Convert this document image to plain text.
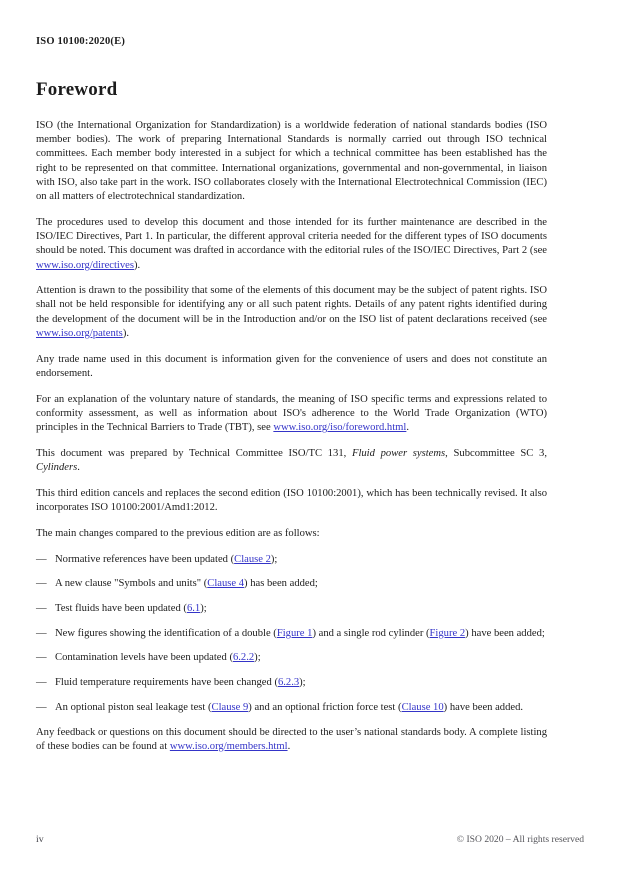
ISO 10100:2020(E)
Foreword

ISO (the International Organization for Standardization) is a worldwide federation of national standards bodies (ISO member bodies). The work of preparing International Standards is normally carried out through ISO technical committees. Each member body interested in a subject for which a technical committee has been established has the right to be represented on that committee. International organizations, governmental and non-governmental, in liaison with ISO, also take part in the work. ISO collaborates closely with the International Electrotechnical Commission (IEC) on all matters of electrotechnical standardization.

The procedures used to develop this document and those intended for its further maintenance are described in the ISO/IEC Directives, Part 1. In particular, the different approval criteria needed for the different types of ISO documents should be noted. This document was drafted in accordance with the editorial rules of the ISO/IEC Directives, Part 2 (see www.iso.org/directives).

Attention is drawn to the possibility that some of the elements of this document may be the subject of patent rights. ISO shall not be held responsible for identifying any or all such patent rights. Details of any patent rights identified during the development of the document will be in the Introduction and/or on the ISO list of patent declarations received (see www.iso.org/patents).

Any trade name used in this document is information given for the convenience of users and does not constitute an endorsement.

For an explanation of the voluntary nature of standards, the meaning of ISO specific terms and expressions related to conformity assessment, as well as information about ISO's adherence to the World Trade Organization (WTO) principles in the Technical Barriers to Trade (TBT), see www.iso.org/iso/foreword.html.

This document was prepared by Technical Committee ISO/TC 131, Fluid power systems, Subcommittee SC 3, Cylinders.

This third edition cancels and replaces the second edition (ISO 10100:2001), which has been technically revised. It also incorporates ISO 10100:2001/Amd1:2012.

The main changes compared to the previous edition are as follows:

— Normative references have been updated (Clause 2);
— A new clause "Symbols and units" (Clause 4) has been added;
— Test fluids have been updated (6.1);
— New figures showing the identification of a double (Figure 1) and a single rod cylinder (Figure 2) have been added;
— Contamination levels have been updated (6.2.2);
— Fluid temperature requirements have been changed (6.2.3);
— An optional piston seal leakage test (Clause 9) and an optional friction force test (Clause 10) have been added.

Any feedback or questions on this document should be directed to the user’s national standards body. A complete listing of these bodies can be found at www.iso.org/members.html.

iv	© ISO 2020 – All rights reserved
